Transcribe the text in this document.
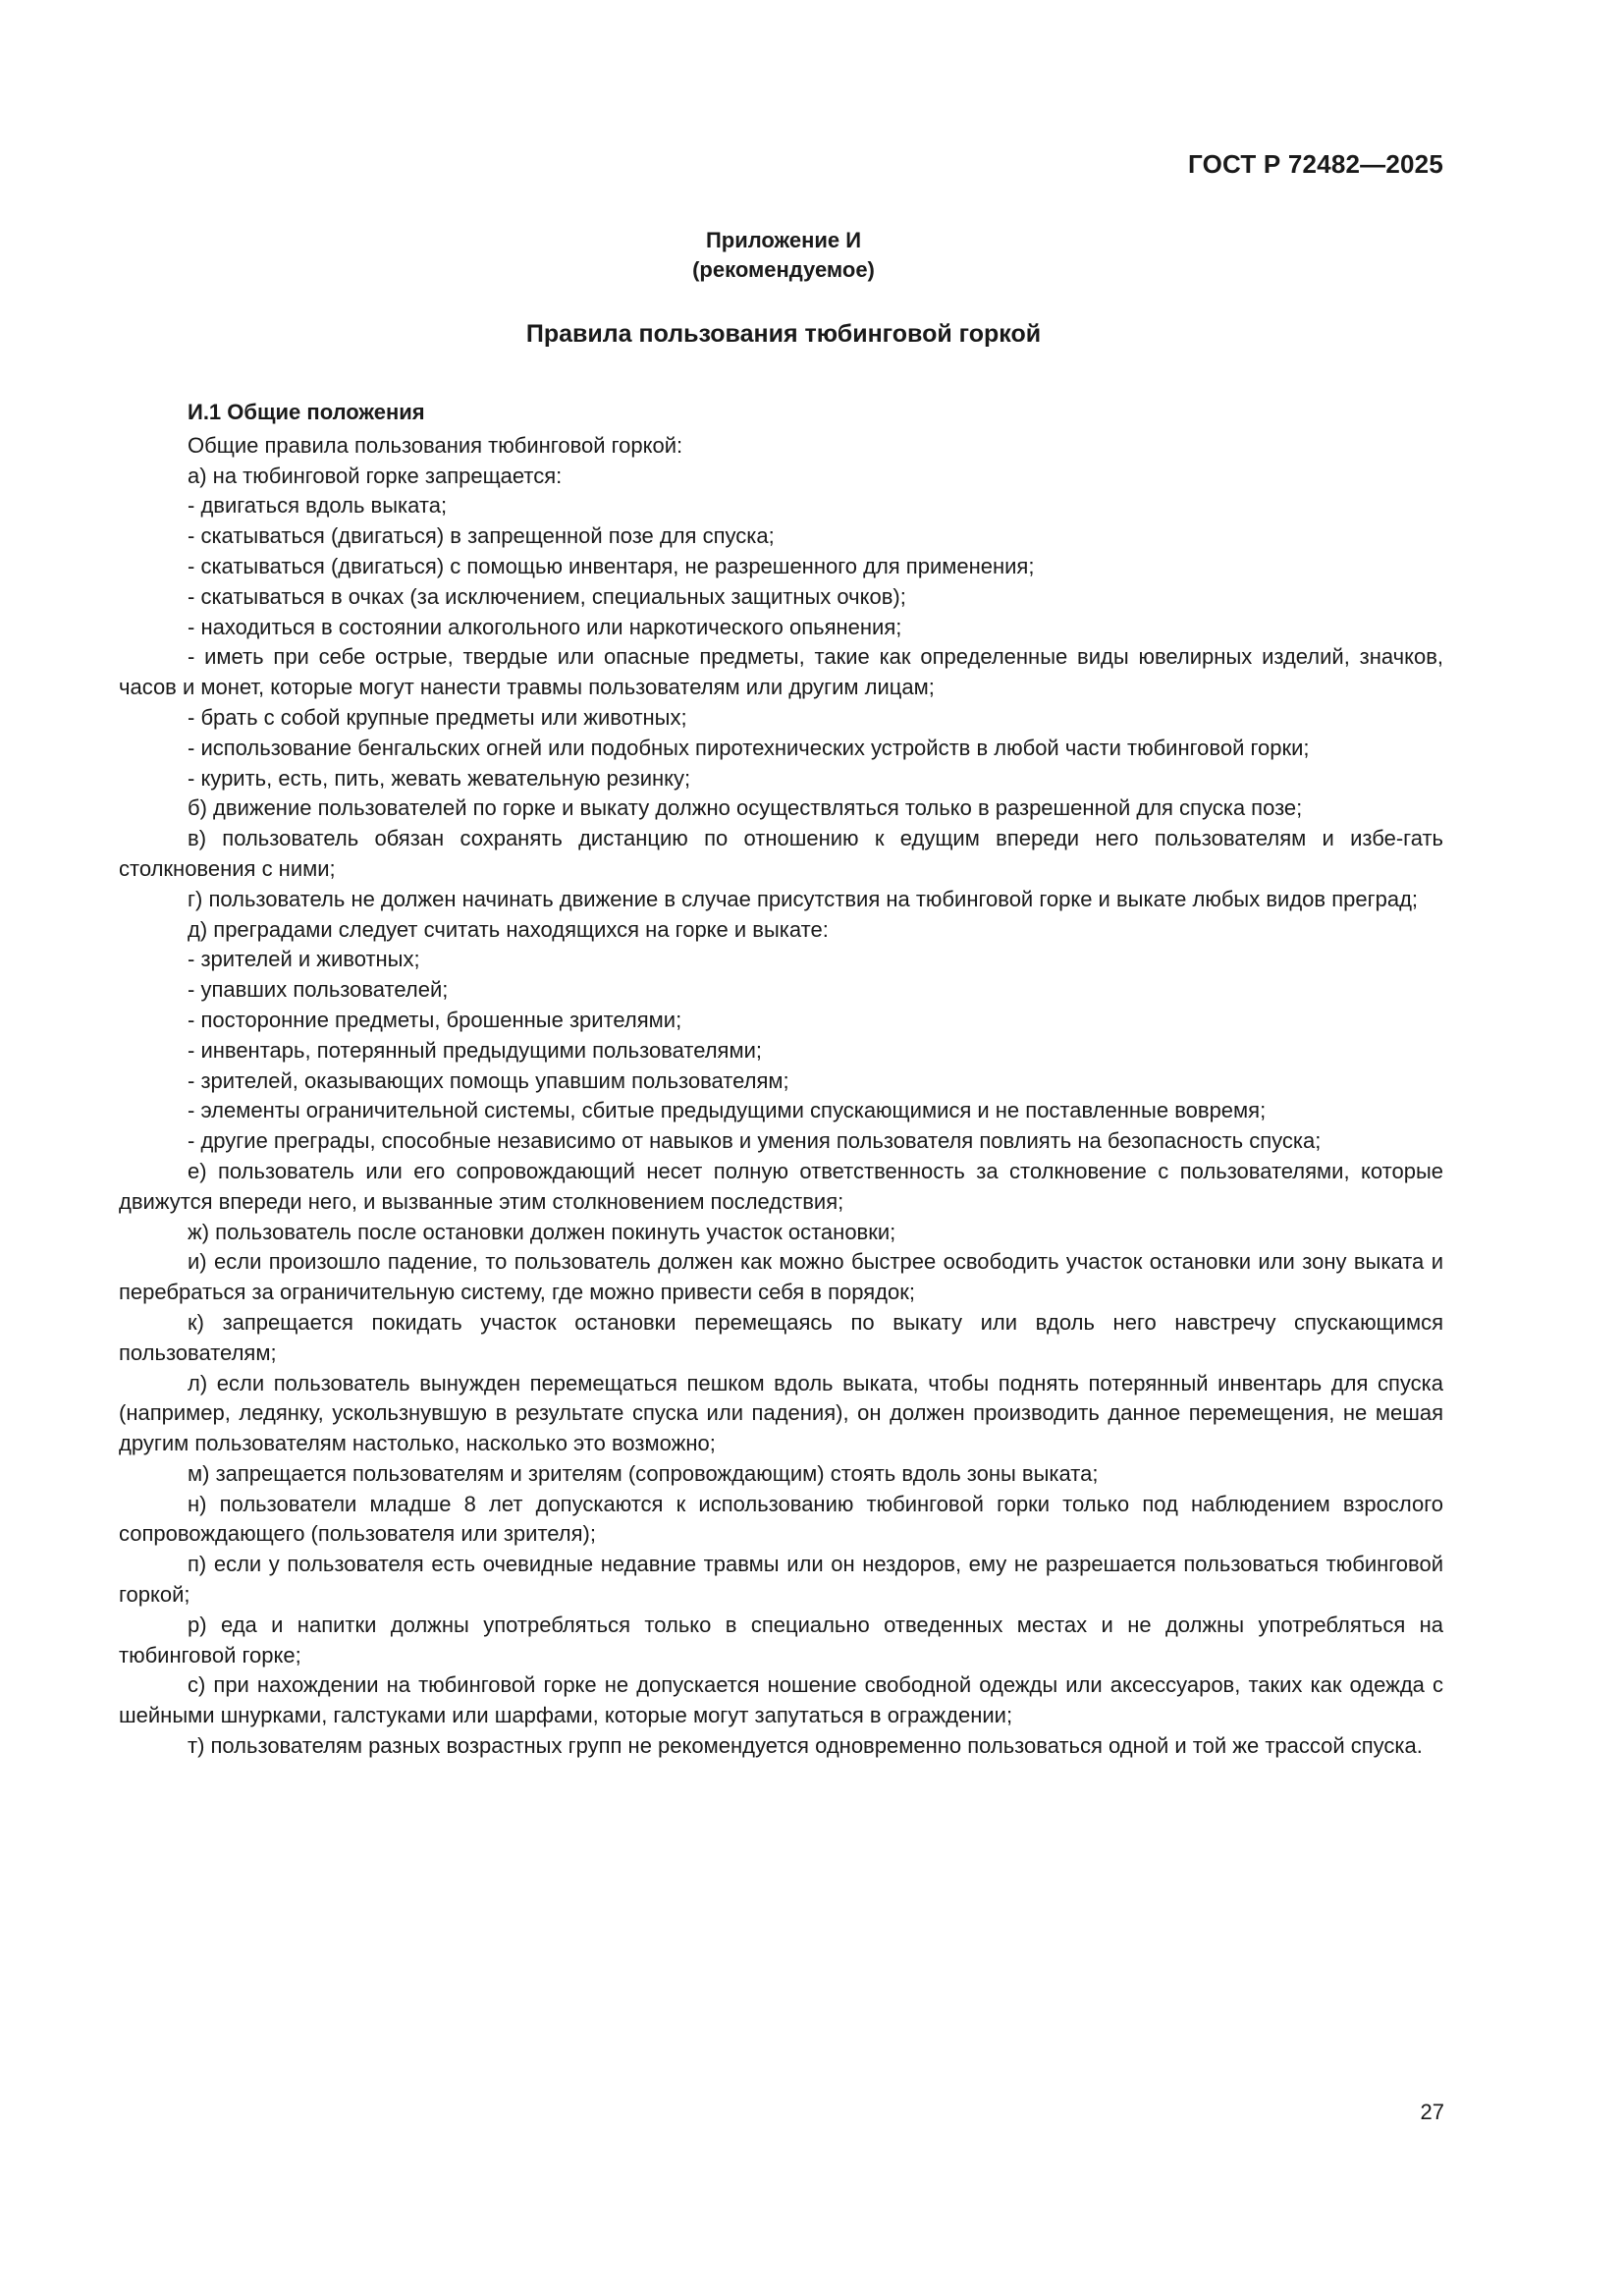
ГОСТ Р 72482—2025
Приложение И
(рекомендуемое)
Правила пользования тюбинговой горкой

И.1 Общие положения

Общие правила пользования тюбинговой горкой:

а) на тюбинговой горке запрещается:

- двигаться вдоль выката;

- скатываться (двигаться) в запрещенной позе для спуска;

- скатываться (двигаться) с помощью инвентаря, не разрешенного для применения;

- скатываться в очках (за исключением, специальных защитных очков);

- находиться в состоянии алкогольного или наркотического опьянения;

- иметь при себе острые, твердые или опасные предметы, такие как определенные виды ювелирных изделий, значков, часов и монет, которые могут нанести травмы пользователям или другим лицам;

- брать с собой крупные предметы или животных;

- использование бенгальских огней или подобных пиротехнических устройств в любой части тюбинговой горки;

- курить, есть, пить, жевать жевательную резинку;

б) движение пользователей по горке и выкату должно осуществляться только в разрешенной для спуска позе;

в) пользователь обязан сохранять дистанцию по отношению к едущим впереди него пользователям и избе-гать столкновения с ними;

г) пользователь не должен начинать движение в случае присутствия на тюбинговой горке и выкате любых видов преград;

д) преградами следует считать находящихся на горке и выкате:

- зрителей и животных;

- упавших пользователей;

- посторонние предметы, брошенные зрителями;

- инвентарь, потерянный предыдущими пользователями;

- зрителей, оказывающих помощь упавшим пользователям;

- элементы ограничительной системы, сбитые предыдущими спускающимися и не поставленные вовремя;

- другие преграды, способные независимо от навыков и умения пользователя повлиять на безопасность спуска;

е) пользователь или его сопровождающий несет полную ответственность за столкновение с пользователями, которые движутся впереди него, и вызванные этим столкновением последствия;

ж) пользователь после остановки должен покинуть участок остановки;

и) если произошло падение, то пользователь должен как можно быстрее освободить участок остановки или зону выката и перебраться за ограничительную систему, где можно привести себя в порядок;

к) запрещается покидать участок остановки перемещаясь по выкату или вдоль него навстречу спускающимся пользователям;

л) если пользователь вынужден перемещаться пешком вдоль выката, чтобы поднять потерянный инвентарь для спуска (например, ледянку, ускользнувшую в результате спуска или падения), он должен производить данное перемещения, не мешая другим пользователям настолько, насколько это возможно;

м) запрещается пользователям и зрителям (сопровождающим) стоять вдоль зоны выката;

н) пользователи младше 8 лет допускаются к использованию тюбинговой горки только под наблюдением взрослого сопровождающего (пользователя или зрителя);

п) если у пользователя есть очевидные недавние травмы или он нездоров, ему не разрешается пользоваться тюбинговой горкой;

р) еда и напитки должны употребляться только в специально отведенных местах и не должны употребляться на тюбинговой горке;

с) при нахождении на тюбинговой горке не допускается ношение свободной одежды или аксессуаров, таких как одежда с шейными шнурками, галстуками или шарфами, которые могут запутаться в ограждении;

т) пользователям разных возрастных групп не рекомендуется одновременно пользоваться одной и той же трассой спуска.

27
